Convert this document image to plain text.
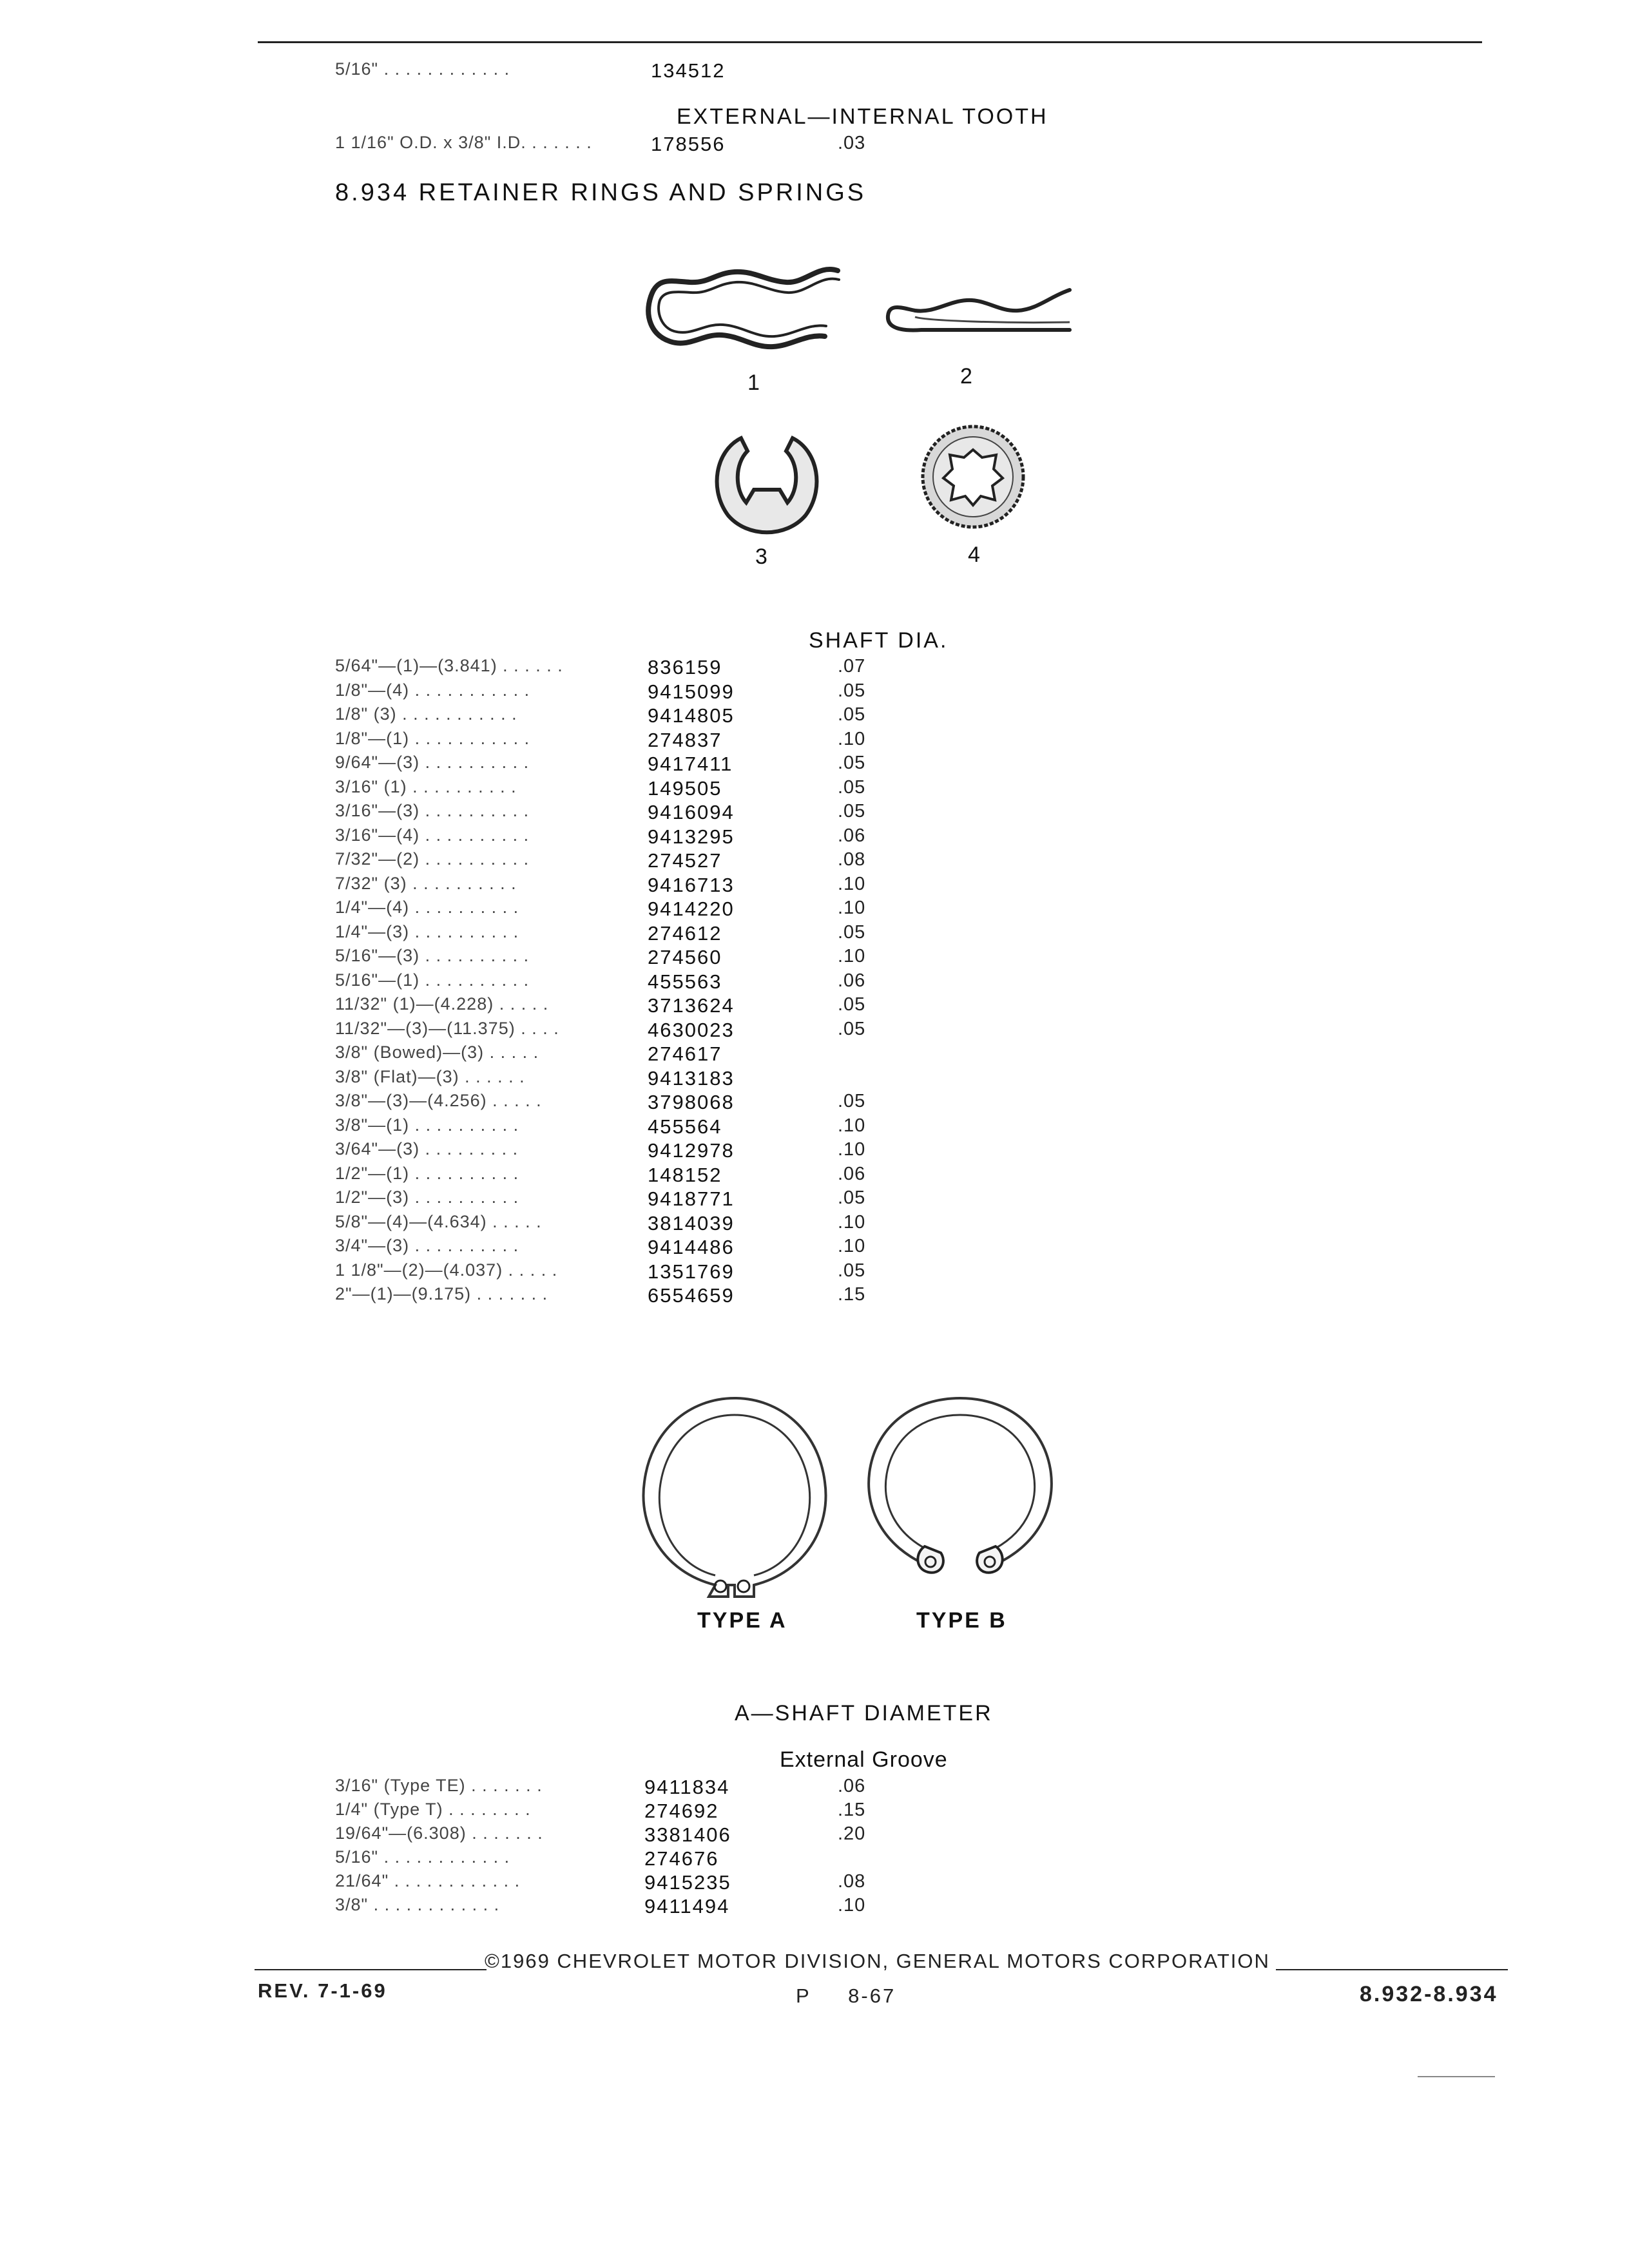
5/16" . . . . . . . . . . . .	134512
EXTERNAL—INTERNAL TOOTH
1 1/16" O.D. x 3/8" I.D. . . . . . .	178556	.03
8.934 RETAINER RINGS AND SPRINGS
1	2
3	4
SHAFT DIA.
5/64"—(1)—(3.841) . . . . . .	836159	.07
1/8"—(4) . . . . . . . . . . .	9415099	.05
1/8" (3) . . . . . . . . . . .	9414805	.05
1/8"—(1) . . . . . . . . . . .	274837	.10
9/64"—(3) . . . . . . . . . .	9417411	.05
3/16" (1) . . . . . . . . . .	149505	.05
3/16"—(3) . . . . . . . . . .	9416094	.05
3/16"—(4) . . . . . . . . . .	9413295	.06
7/32"—(2) . . . . . . . . . .	274527	.08
7/32" (3) . . . . . . . . . .	9416713	.10
1/4"—(4) . . . . . . . . . .	9414220	.10
1/4"—(3) . . . . . . . . . .	274612	.05
5/16"—(3) . . . . . . . . . .	274560	.10
5/16"—(1) . . . . . . . . . .	455563	.06
11/32" (1)—(4.228) . . . . .	3713624	.05
11/32"—(3)—(11.375) . . . .	4630023	.05
3/8" (Bowed)—(3) . . . . .	274617
3/8" (Flat)—(3) . . . . . .	9413183
3/8"—(3)—(4.256) . . . . .	3798068	.05
3/8"—(1) . . . . . . . . . .	455564	.10
3/64"—(3) . . . . . . . . .	9412978	.10
1/2"—(1) . . . . . . . . . .	148152	.06
1/2"—(3) . . . . . . . . . .	9418771	.05
5/8"—(4)—(4.634) . . . . .	3814039	.10
3/4"—(3) . . . . . . . . . .	9414486	.10
1 1/8"—(2)—(4.037) . . . . .	1351769	.05
2"—(1)—(9.175) . . . . . . .	6554659	.15
TYPE A	TYPE B
A—SHAFT DIAMETER
External Groove
3/16" (Type TE) . . . . . . .	9411834	.06
1/4" (Type T) . . . . . . . .	274692	.15
19/64"—(6.308) . . . . . . .	3381406	.20
5/16" . . . . . . . . . . . .	274676
21/64" . . . . . . . . . . . .	9415235	.08
3/8" . . . . . . . . . . . .	9411494	.10
©1969 CHEVROLET MOTOR DIVISION, GENERAL MOTORS CORPORATION
REV. 7-1-69	P     8-67	8.932-8.934
